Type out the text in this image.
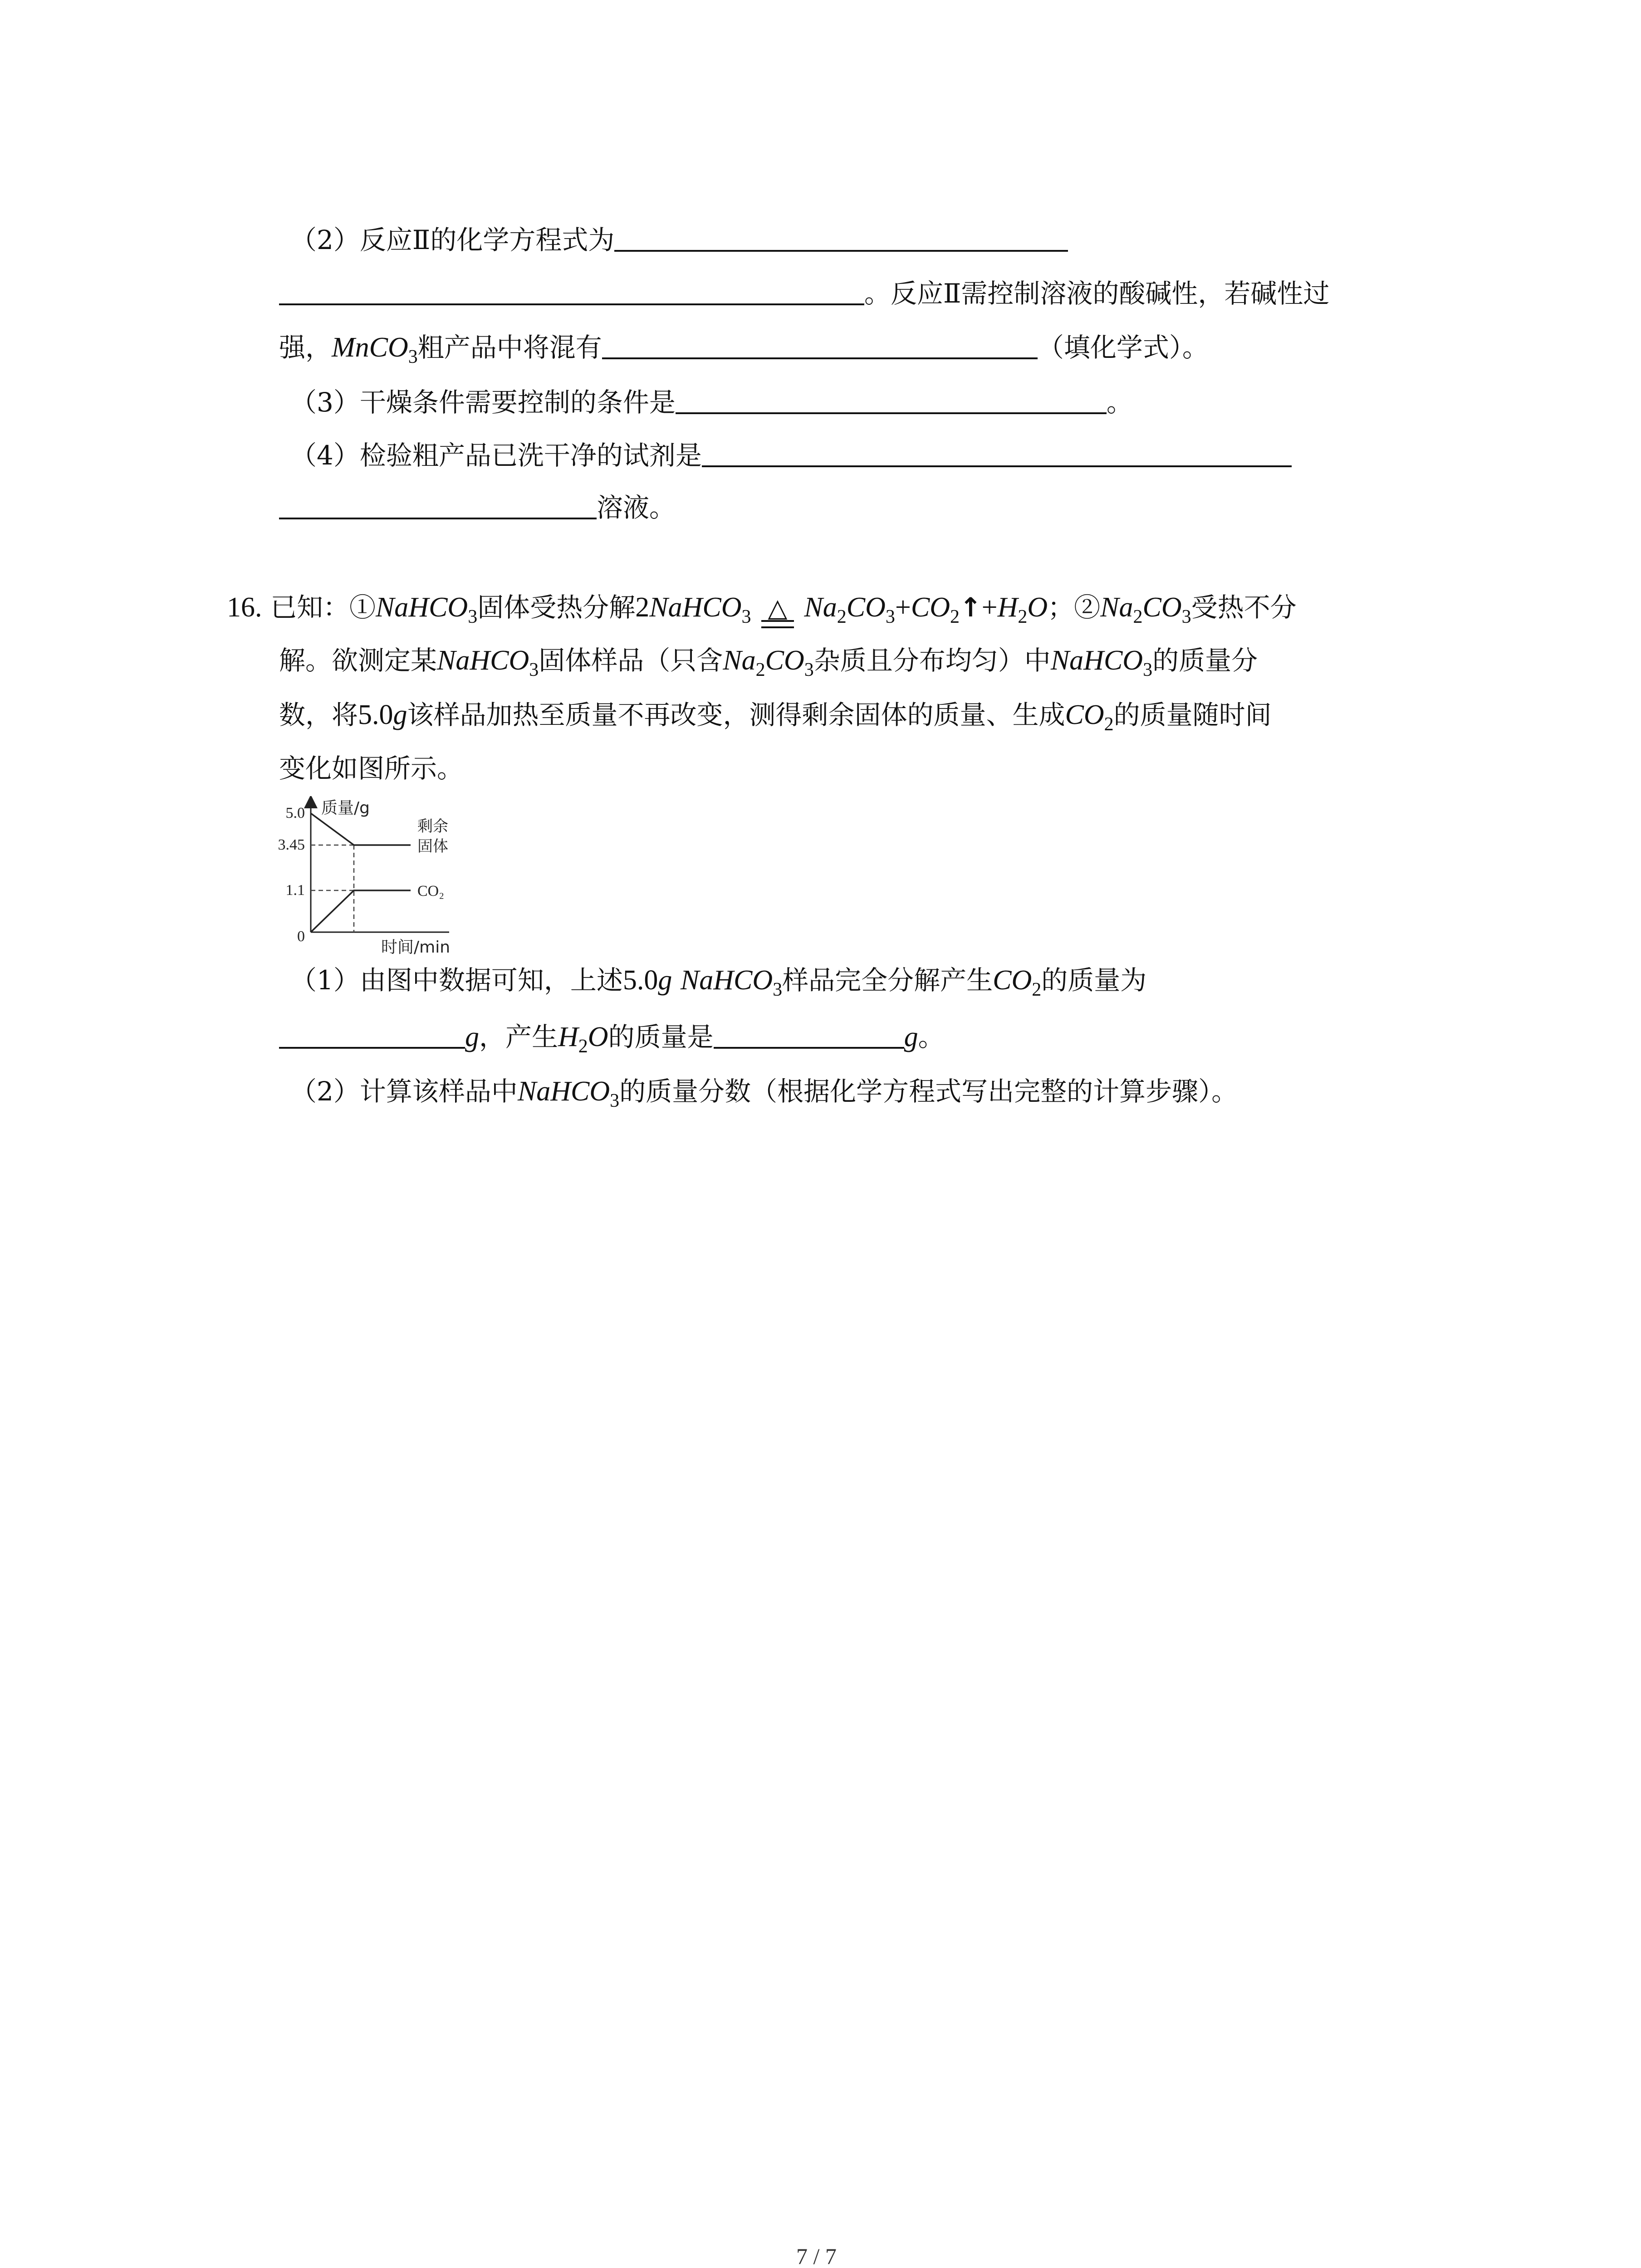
（2）反应Ⅱ的化学方程式为
。反应Ⅱ需控制溶液的酸碱性，若碱性过
强，MnCO$_3$粗产品中将混有	（填化学式）。
（3）干燥条件需要控制的条件是	。
（4）检验粗产品已洗干净的试剂是
溶液。
16. 已知：①NaHCO$_3$固体受热分解2NaHCO$_3$ △ $Na_2CO_3+CO_2↑+H_2O$；$②Na_2CO_3$受热不分
解。欲测定某NaHCO$_3$固体样品（只含$Na_2CO_3$杂质且分布均匀）中NaHCO$_3$的质量分
数，将5.0g该样品加热至质量不再改变，测得剩余固体的质量、生成$CO_2$的质量随时间
变化如图所示。
质量/g
时间/min
5.0
3.45
1.1
0
剩余
固体
CO₂
（1）由图中数据可知，上述5.0g NaHCO$_3$样品完全分解产生$CO_2$的质量为
g，产生$H_2O$的质量是	g。
（2）计算该样品中NaHCO$_3$的质量分数（根据化学方程式写出完整的计算步骤）。
7 / 7
